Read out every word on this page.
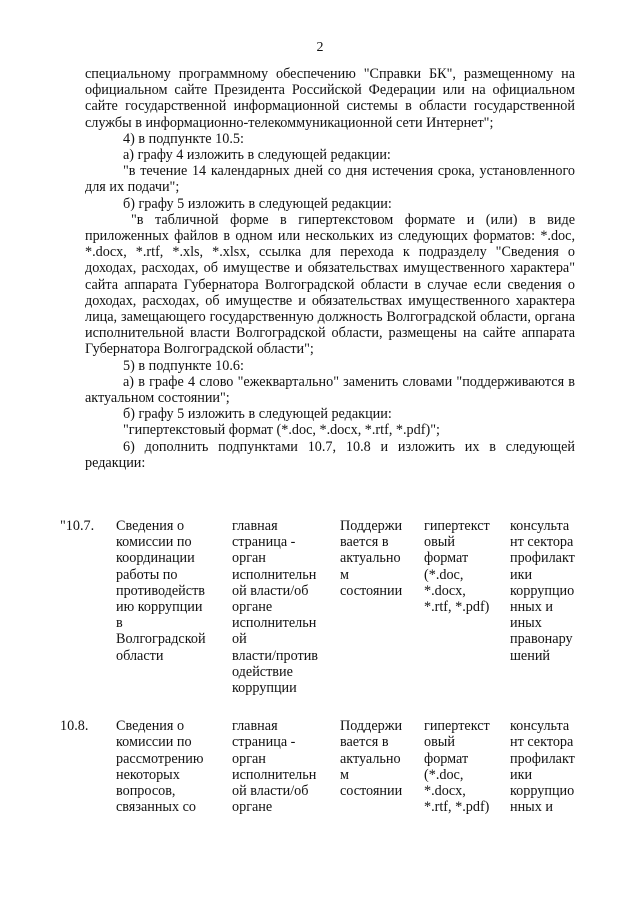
2

специальному программному обеспечению "Справки БК", размещенному на официальном сайте Президента Российской Федерации или на официальном сайте государственной информационной системы в области государственной службы в информационно-телекоммуникационной сети Интернет";

4) в подпункте 10.5:

а) графу 4 изложить в следующей редакции:

"в течение 14 календарных дней со дня истечения срока, установленного для их подачи";

б) графу 5 изложить в следующей редакции:

"в табличной форме в гипертекстовом формате и (или) в виде приложенных файлов в одном или нескольких из следующих форматов: *.doc, *.docx, *.rtf, *.xls, *.xlsx, ссылка для перехода к подразделу "Сведения о доходах, расходах, об имуществе и обязательствах имущественного характера" сайта аппарата Губернатора Волгоградской области в случае если сведения о доходах, расходах, об имуществе и обязательствах имущественного характера лица, замещающего государственную должность Волгоградской области, органа исполнительной власти Волгоградской области, размещены на сайте аппарата Губернатора Волгоградской области";

5) в подпункте 10.6:

а) в графе 4 слово "ежеквартально" заменить словами "поддерживаются в актуальном состоянии";

б) графу 5 изложить в следующей редакции:

"гипертекстовый формат (*.doc, *.docx, *.rtf, *.pdf)";

6) дополнить подпунктами 10.7, 10.8 и изложить их в следующей редакции:

"10.7.	Сведения о
комиссии по
координации
работы по
противодейств
ию коррупции
в
Волгоградской
области
главная
страница -
орган
исполнительн
ой власти/об
органе
исполнительн
ой
власти/против
одействие
коррупции
Поддержи
вается в
актуально
м
состоянии
гипертекст
овый
формат
(*.doc,
*.docx,
*.rtf, *.pdf)
консульта
нт сектора
профилакт
ики
коррупцио
нных и
иных
правонару
шений
10.8.	Сведения о
комиссии по
рассмотрению
некоторых
вопросов,
связанных со
главная
страница -
орган
исполнительн
ой власти/об
органе
Поддержи
вается в
актуально
м
состоянии
гипертекст
овый
формат
(*.doc,
*.docx,
*.rtf, *.pdf)
консульта
нт сектора
профилакт
ики
коррупцио
нных и
